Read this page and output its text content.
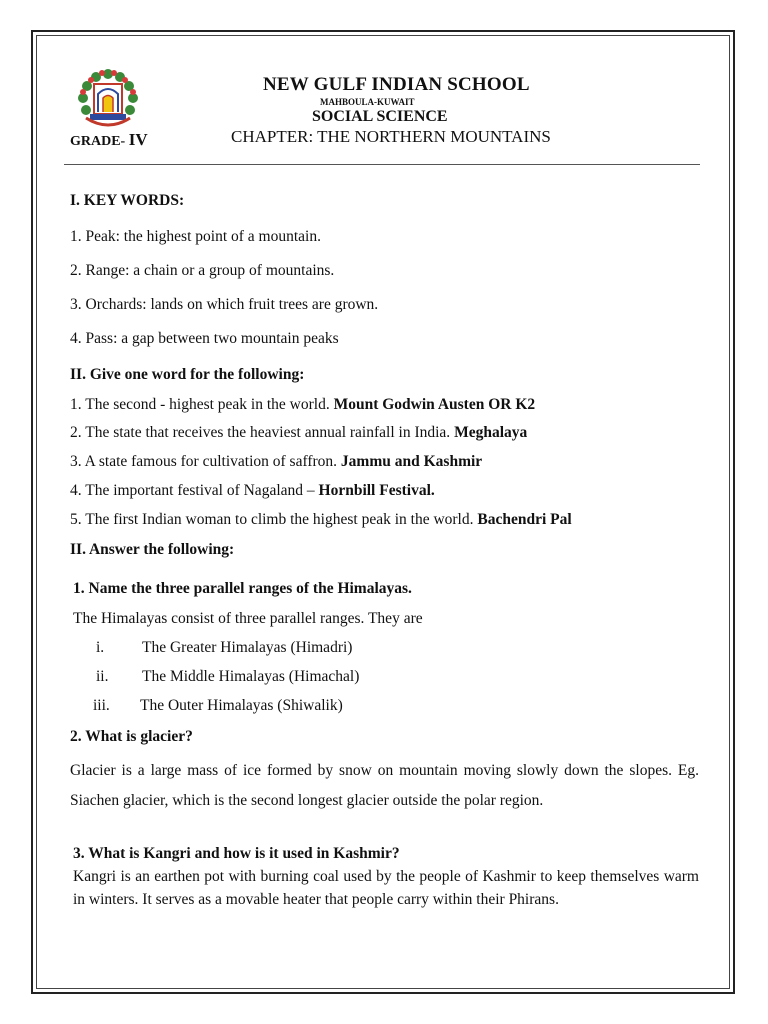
NEW GULF INDIAN SCHOOL
MAHBOULA-KUWAIT
SOCIAL SCIENCE
GRADE- IV	CHAPTER: THE NORTHERN MOUNTAINS
I. KEY WORDS:
1. Peak: the highest point of a mountain.
2. Range: a chain or a group of mountains.
3. Orchards: lands on which fruit trees are grown.
4. Pass: a gap between two mountain peaks
II. Give one word for the following:
1. The second - highest peak in the world. Mount Godwin Austen OR K2
2. The state that receives the heaviest annual rainfall in India. Meghalaya
3. A state famous for cultivation of saffron. Jammu and Kashmir
4. The important festival of Nagaland – Hornbill Festival.
5. The first Indian woman to climb the highest peak in the world. Bachendri Pal
II. Answer the following:
1. Name the three parallel ranges of the Himalayas.
The Himalayas consist of three parallel ranges. They are
i. The Greater Himalayas (Himadri)
ii. The Middle Himalayas (Himachal)
iii. The Outer Himalayas (Shiwalik)
2. What is glacier?
Glacier is a large mass of ice formed by snow on mountain moving slowly down the slopes. Eg. Siachen glacier, which is the second longest glacier outside the polar region.
3. What is Kangri and how is it used in Kashmir?
Kangri is an earthen pot with burning coal used by the people of Kashmir to keep themselves warm in winters. It serves as a movable heater that people carry within their Phirans.
